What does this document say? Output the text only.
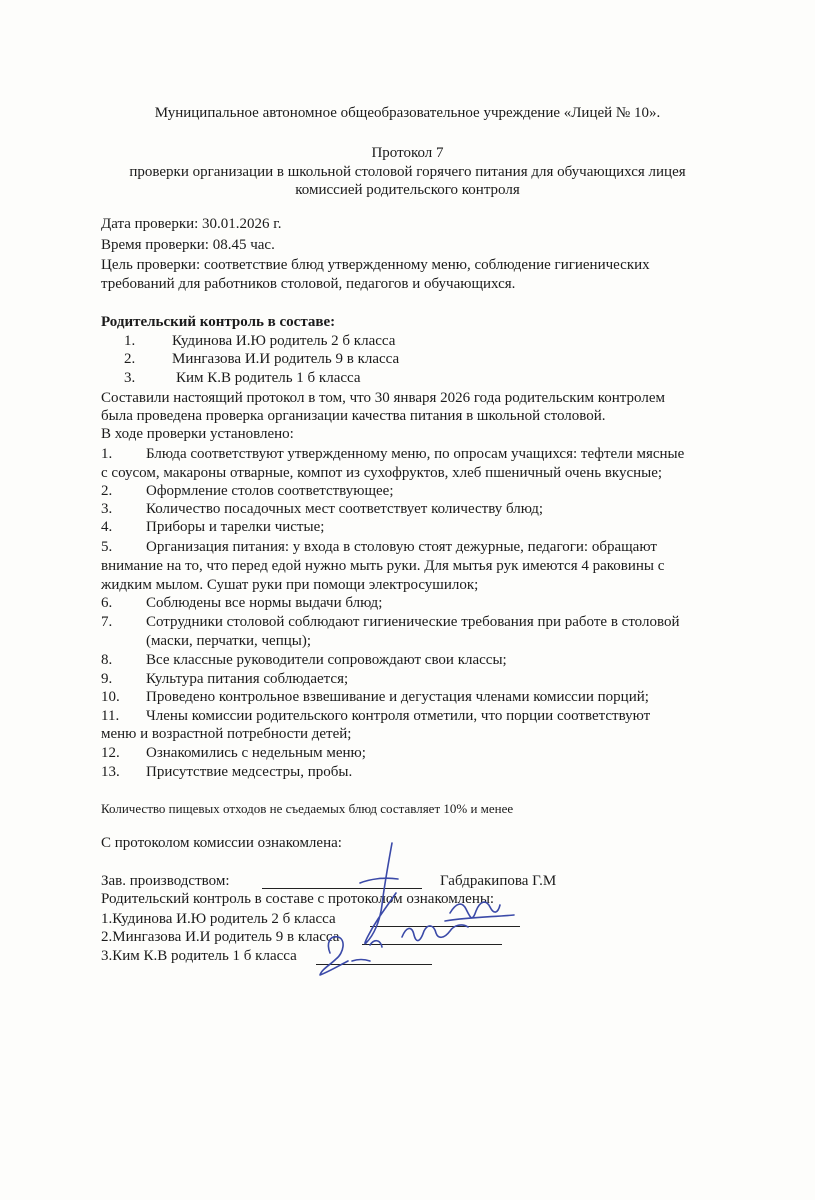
Муниципальное автономное общеобразовательное учреждение «Лицей № 10».
Протокол 7
проверки организации в школьной столовой горячего питания для обучающихся лицея
комиссией родительского контроля
Дата проверки: 30.01.2026 г.
Время проверки: 08.45 час.
Цель проверки: соответствие блюд утвержденному меню, соблюдение гигиенических
требований для работников столовой, педагогов и обучающихся.
Родительский контроль в составе:
1. Кудинова И.Ю родитель 2 б класса
2. Мингазова И.И родитель 9 в класса
3.	Ким К.В родитель 1 б класса
Составили настоящий протокол в том, что 30 января 2026 года родительским контролем
была проведена проверка организации качества питания в школьной столовой.
В ходе проверки установлено:
1. Блюда соответствуют утвержденному меню, по опросам учащихся: тефтели мясные
с соусом, макароны отварные, компот из сухофруктов, хлеб пшеничный очень вкусные;
2. Оформление столов соответствующее;
3. Количество посадочных мест соответствует количеству блюд;
4. Приборы и тарелки чистые;
5. Организация питания: у входа в столовую стоят дежурные, педагоги: обращают
внимание на то, что перед едой нужно мыть руки. Для мытья рук имеются 4 раковины с
жидким мылом. Сушат руки при помощи электросушилок;
6. Соблюдены все нормы выдачи блюд;
7. Сотрудники столовой соблюдают гигиенические требования при работе в столовой
(маски, перчатки, чепцы);
8. Все классные руководители сопровождают свои классы;
9. Культура питания соблюдается;
10. Проведено контрольное взвешивание и дегустация членами комиссии порций;
11. Члены комиссии родительского контроля отметили, что порции соответствуют
меню и возрастной потребности детей;
12. Ознакомились с недельным меню;
13. Присутствие медсестры, пробы.
Количество пищевых отходов не съедаемых блюд составляет 10% и менее
С протоколом комиссии ознакомлена:
Зав. производством:	Габдракипова Г.М
Родительский контроль в составе с протоколом ознакомлены:
1.Кудинова И.Ю родитель 2 б класса
2.Мингазова И.И родитель 9 в класса
3.Ким К.В родитель 1 б класса
